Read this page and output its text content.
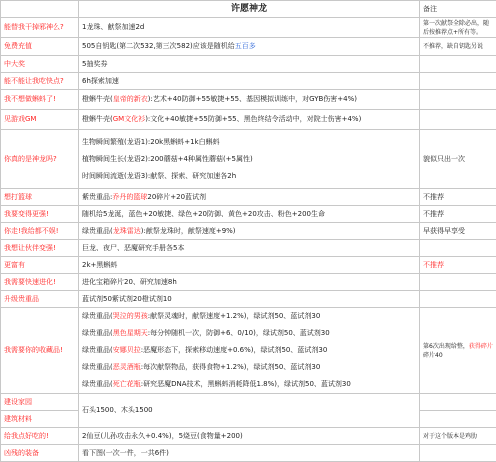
	许愿神龙	备注
能替我干掉邪神么?	1龙珠、献祭加速2d	第一次献祭全除必出，随后按推荐点+所有等。
免费充值	505自钥匙(第二次532,第三次582)应该是随机给五百多	不推荐，缺自钥匙另说
中大奖	5抽奖券	
能不能让我吃快点?	6h探索加速	
我不想做蝌蚪了!	橙蝌牛壳(皇帝的新衣):艺术+40防御+55敏捷+55、基因模拟训练中，对GYB伤害+4%)	
见游戏GM	橙蝌牛壳(GM文化衫):文化+40敏捷+55防御+55、黑色终结令活动中，对院士伤害+4%)	
你真的是神龙吗?	生物瞬间繁殖(龙语1):20k黑蝌蚪+1k白蝌蚪
植物瞬间生长(龙语2):200蘑菇+4种属性蘑菇(+5属性)
时间瞬间流逝(龙语3):献祭、探索、研究加速各2h	貌似只出一次
想打篮球	紫贵重品:乔丹的篮球20碎片+20蓝试剂	不推荐
我要变得更强!	随机给5龙涎，蓝色+20敏捷、绿色+20防御、黄色+20攻击、粉色+200生命	不推荐
你走!我给都不娱!	绿贵重品(龙珠雷达):献祭龙珠时，献祭速度+9%)	早获得早享受
我想让伙伴变强!	巨龙、夜尸、恶魔研究手册各5本	
更富有	2k+黑蝌蚪	不推荐
我需要快速进化!	进化宝箱碎片20、研究加速8h	
升级贵重品	蓝试剂50紫试剂20橙试剂10	
我需要你的收藏品!	绿贵重品(哭泣的男孩:献祭灵魂时，献祭速度+1.2%)，绿试剂50、蓝试剂30
绿贵重品(黑色星期天:每分钟随机一次，防御+6、0/10)，绿试剂50、蓝试剂30
绿贵重品(安娜贝拉:恶魔形态下，探索移动速度+0.6%)，绿试剂50、蓝试剂30
绿贵重品(恶灵酒瓶:每次献祭物品，获得食物+1.2%)，绿试剂50、蓝试剂30
绿贵重品(死亡花瓶:研究恶魔DNA技术，黑蝌蚪消耗降低1.8%)，绿试剂50、蓝试剂30	第6次出现给整，获得碎片碎片40
建设家园	石头1500、木头1500	
建筑材料		
给我点好吃的!	2仙豆(儿孙攻击永久+0.4%)，5烧豆(食物量+200)	对于这个版本是鸡肋
凶残的装备	看下图(一次一件，一共6件)	
